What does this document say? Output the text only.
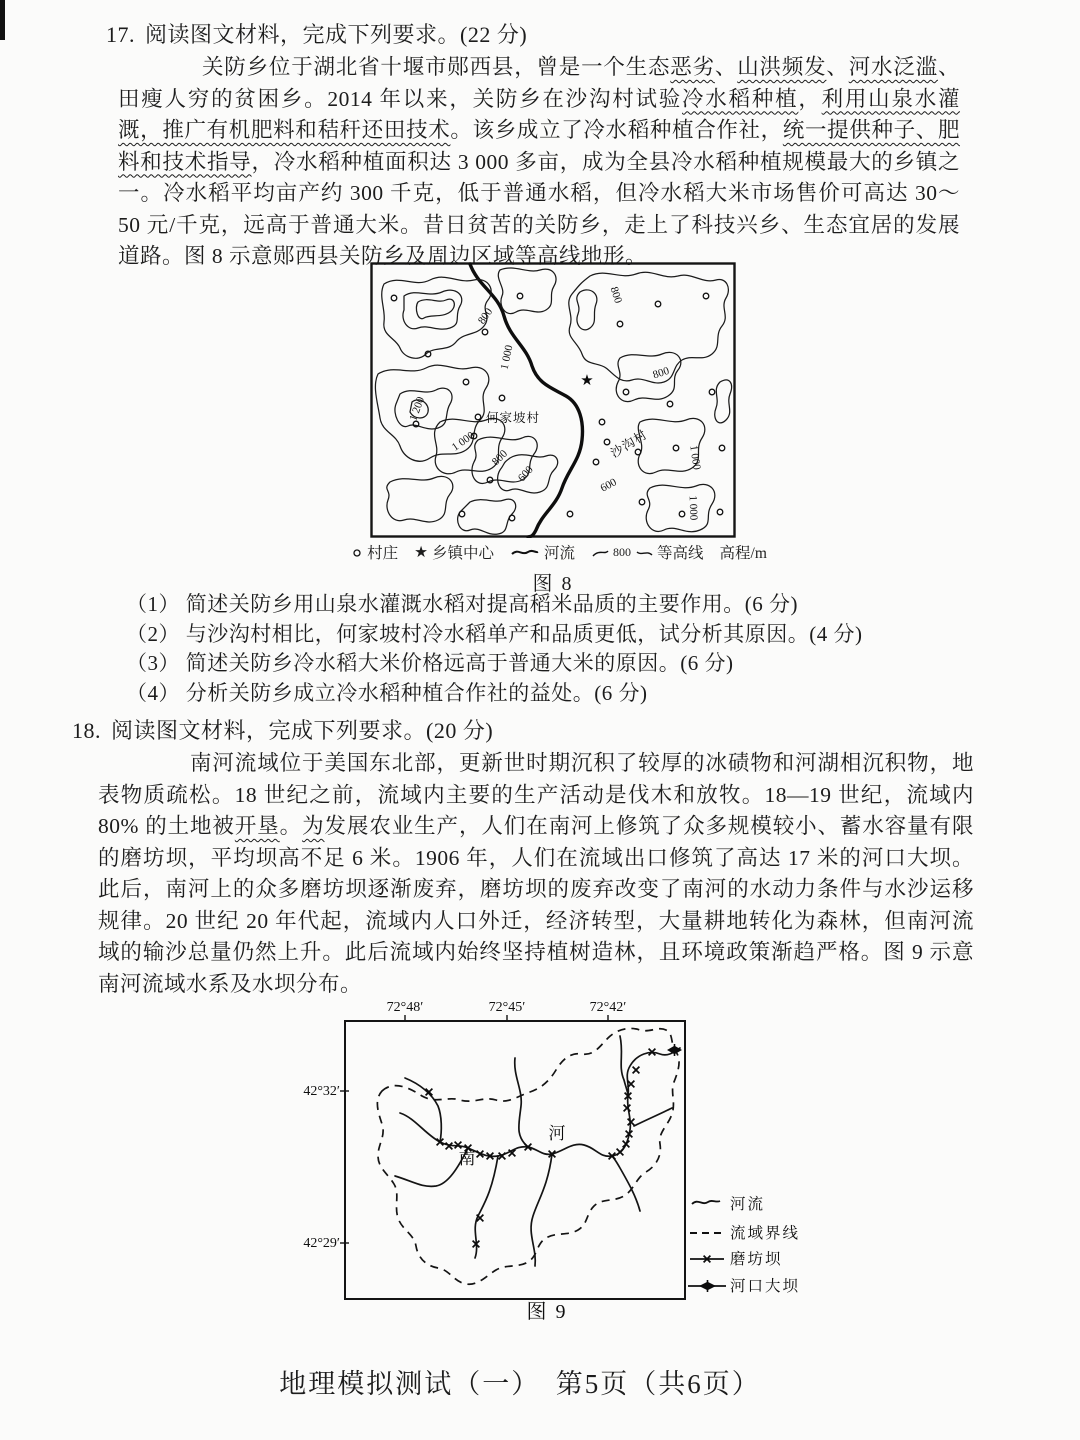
17. 阅读图文材料，完成下列要求。(22 分)
关防乡位于湖北省十堰市郧西县，曾是一个生态恶劣、山洪频发、河水泛滥、田瘦人穷的贫困乡。2014 年以来，关防乡在沙沟村试验冷水稻种植，利用山泉水灌溉，推广有机肥料和秸秆还田技术。该乡成立了冷水稻种植合作社，统一提供种子、肥料和技术指导，冷水稻种植面积达 3 000 多亩，成为全县冷水稻种植规模最大的乡镇之一。冷水稻平均亩产约 300 千克，低于普通水稻，但冷水稻大米市场售价可高达 30～50 元/千克，远高于普通大米。昔日贫苦的关防乡，走上了科技兴乡、生态宜居的发展道路。图 8 示意郧西县关防乡及周边区域等高线地形。
★
800
1 000
1 200
1 000
800
600
600
800
800
1 000
1 000
何家坡村
沙沟村
村庄 ★ 乡镇中心	河流	800 等高线 高程/m
图 8
（1） 简述关防乡用山泉水灌溉水稻对提高稻米品质的主要作用。(6 分)
（2） 与沙沟村相比，何家坡村冷水稻单产和品质更低，试分析其原因。(4 分)
（3） 简述关防乡冷水稻大米价格远高于普通大米的原因。(6 分)
（4） 分析关防乡成立冷水稻种植合作社的益处。(6 分)
18. 阅读图文材料，完成下列要求。(20 分)
南河流域位于美国东北部，更新世时期沉积了较厚的冰碛物和河湖相沉积物，地表物质疏松。18 世纪之前，流域内主要的生产活动是伐木和放牧。18—19 世纪，流域内 80% 的土地被开垦。为发展农业生产，人们在南河上修筑了众多规模较小、蓄水容量有限的磨坊坝，平均坝高不足 6 米。1906 年，人们在流域出口修筑了高达 17 米的河口大坝。此后，南河上的众多磨坊坝逐渐废弃，磨坊坝的废弃改变了南河的水动力条件与水沙运移规律。20 世纪 20 年代起，流域内人口外迁，经济转型，大量耕地转化为森林，但南河流域的输沙总量仍然上升。此后流域内始终坚持植树造林，且环境政策渐趋严格。图 9 示意南河流域水系及水坝分布。
72°48′	72°45′	72°42′
42°32′
42°29′
南
河
河流
流域界线
磨坊坝
河口大坝
图 9
地理模拟测试（一）　第5页（共6页）
